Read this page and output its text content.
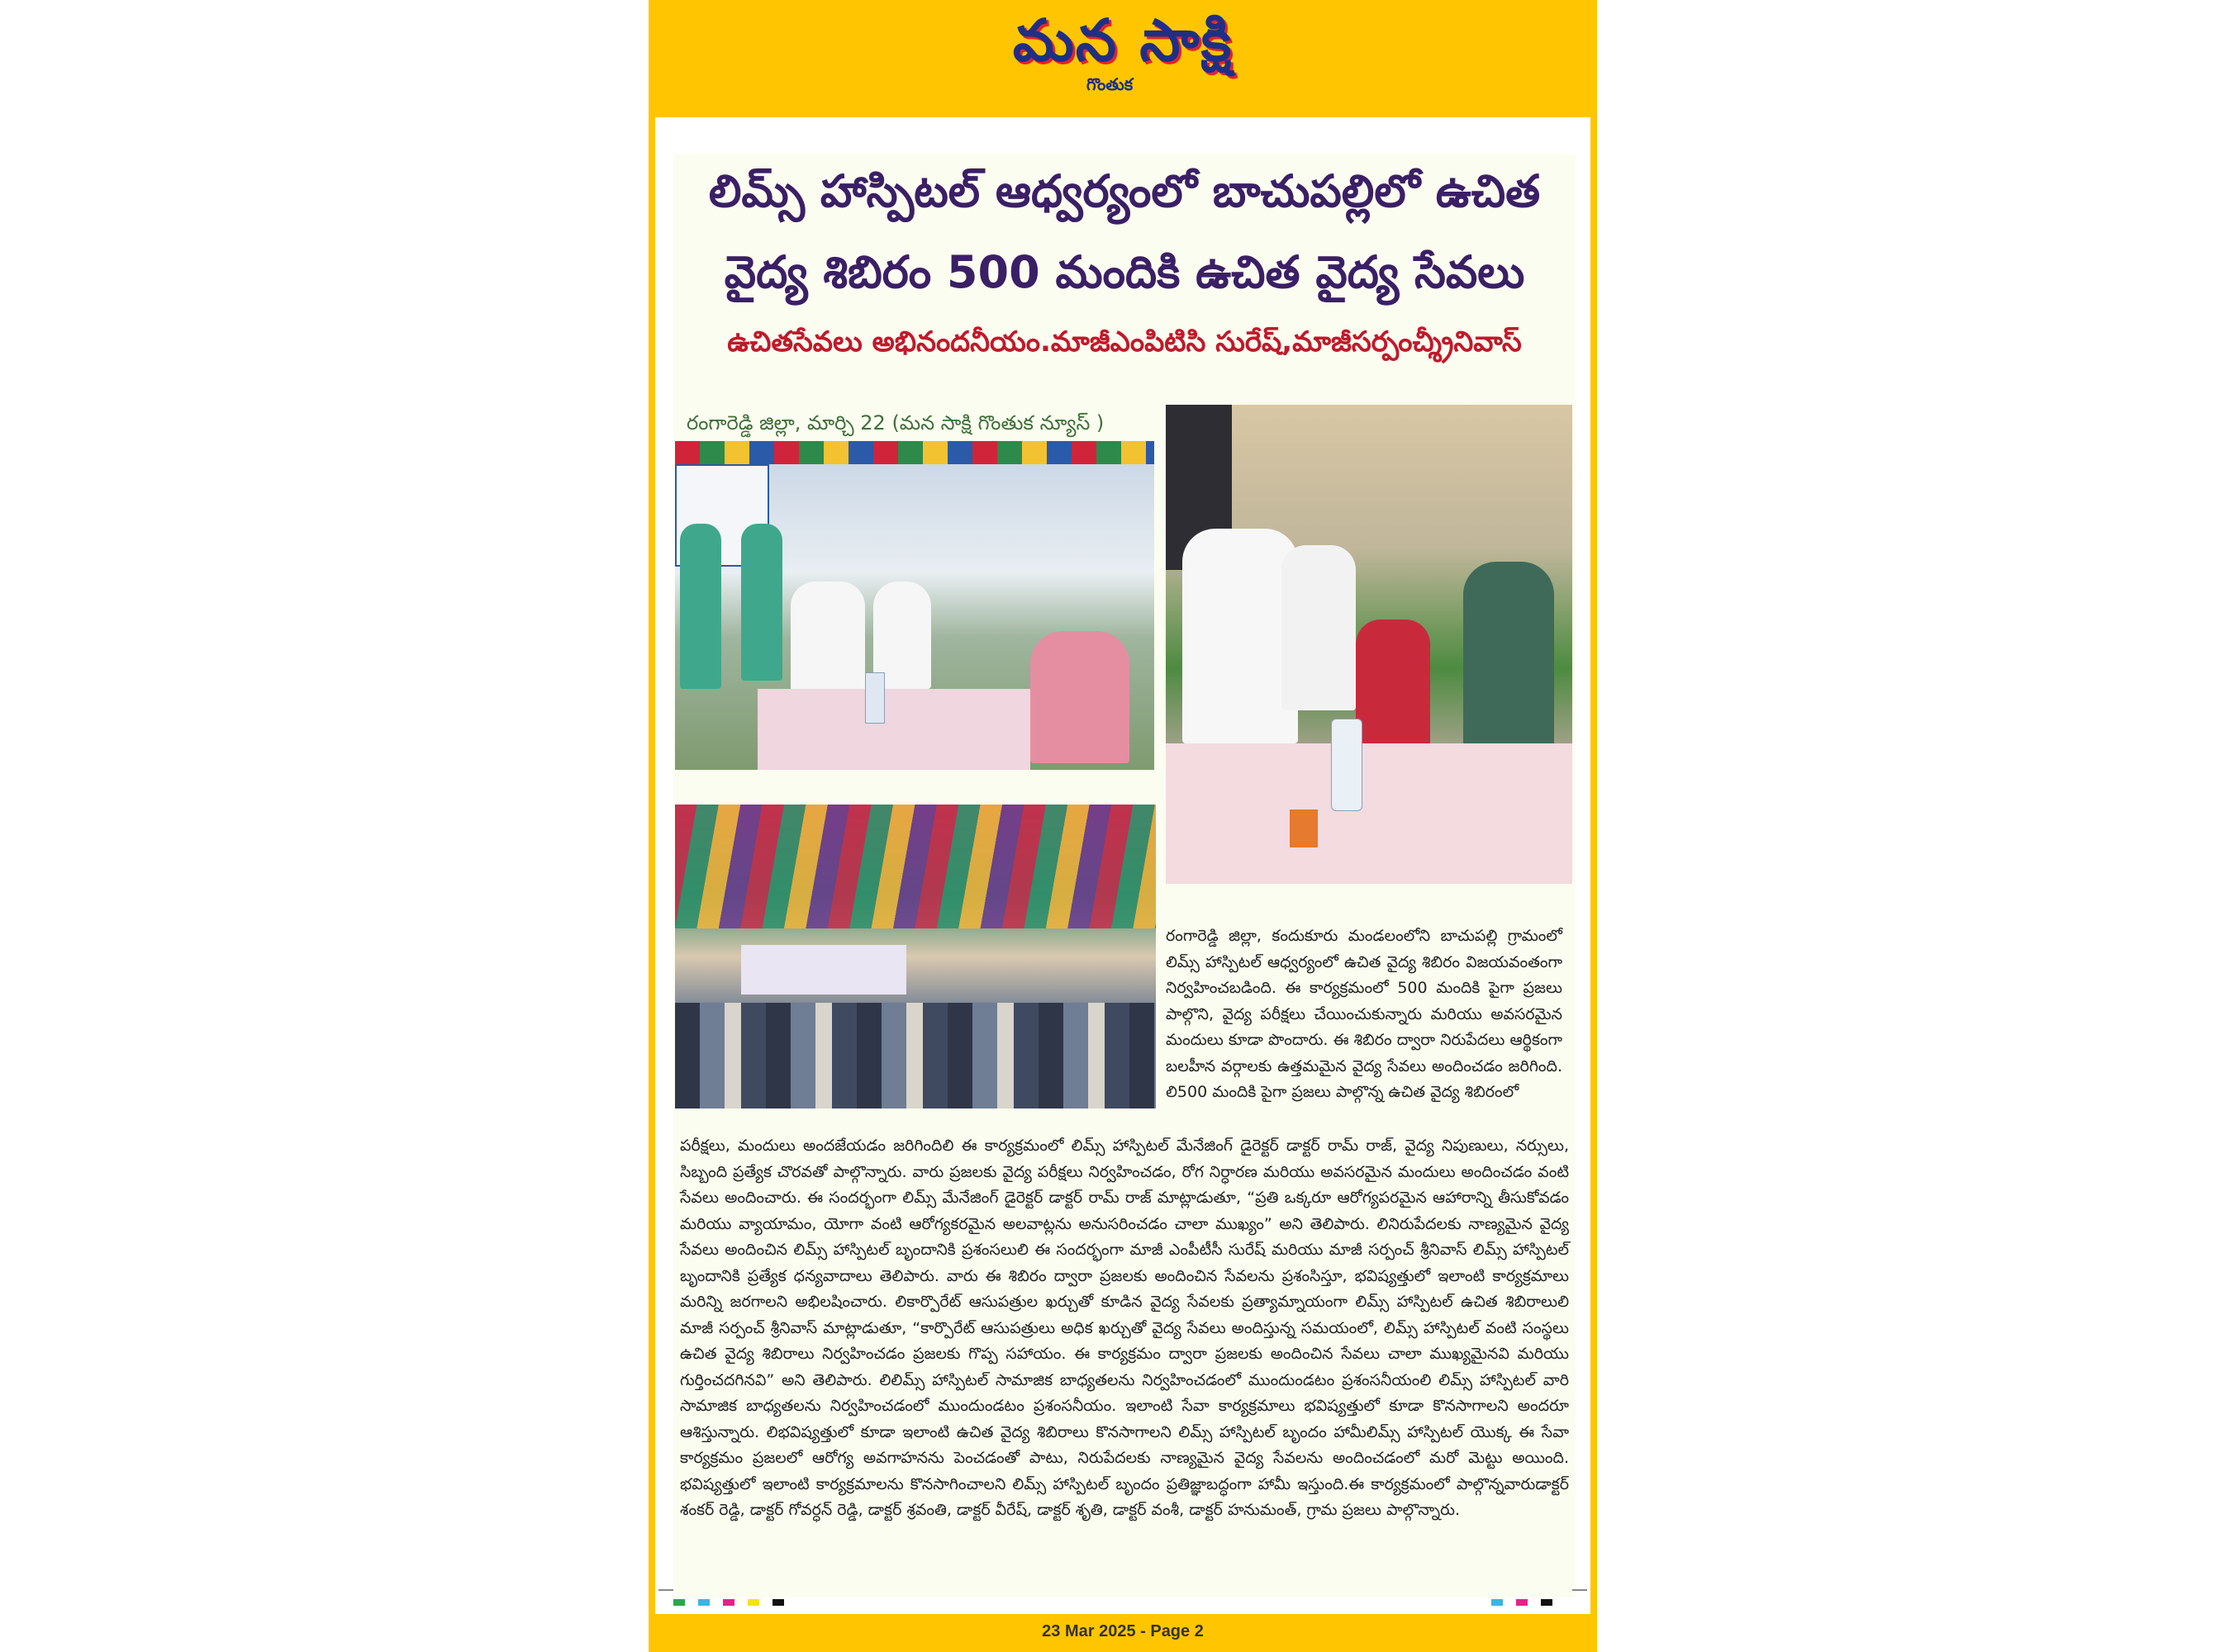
మన సాక్షి
గొంతుక
లిమ్స్ హాస్పిటల్ ఆధ్వర్యంలో బాచుపల్లిలో ఉచిత
వైద్య శిబిరం 500 మందికి ఉచిత వైద్య సేవలు
ఉచితసేవలు అభినందనీయం.మాజీఎంపిటిసి సురేష్,మాజీసర్పంచ్శ్రీనివాస్
రంగారెడ్డి జిల్లా, మార్చి 22 (మన సాక్షి గొంతుక న్యూస్ )

రంగారెడ్డి జిల్లా, కందుకూరు మండలంలోని బాచుపల్లి గ్రామంలో లిమ్స్ హాస్పిటల్ ఆధ్వర్యంలో ఉచిత వైద్య శిబిరం విజయవంతంగా నిర్వహించబడింది. ఈ కార్యక్రమంలో 500 మందికి పైగా ప్రజలు పాల్గొని, వైద్య పరీక్షలు చేయించుకున్నారు మరియు అవసరమైన మందులు కూడా పొందారు. ఈ శిబిరం ద్వారా నిరుపేదలు ఆర్థికంగా బలహీన వర్గాలకు ఉత్తమమైన వైద్య సేవలు అందించడం జరిగింది. లి500 మందికి పైగా ప్రజలు పాల్గొన్న ఉచిత వైద్య శిబిరంలో

పరీక్షలు, మందులు అందజేయడం జరిగిందిలి ఈ కార్యక్రమంలో లిమ్స్ హాస్పిటల్ మేనేజింగ్ డైరెక్టర్ డాక్టర్ రామ్ రాజ్, వైద్య నిపుణులు, నర్సులు, సిబ్బంది ప్రత్యేక చొరవతో పాల్గొన్నారు. వారు ప్రజలకు వైద్య పరీక్షలు నిర్వహించడం, రోగ నిర్ధారణ మరియు అవసరమైన మందులు అందించడం వంటి సేవలు అందించారు. ఈ సందర్భంగా లిమ్స్ మేనేజింగ్ డైరెక్టర్ డాక్టర్ రామ్ రాజ్ మాట్లాడుతూ, “ప్రతి ఒక్కరూ ఆరోగ్యపరమైన ఆహారాన్ని తీసుకోవడం మరియు వ్యాయామం, యోగా వంటి ఆరోగ్యకరమైన అలవాట్లను అనుసరించడం చాలా ముఖ్యం” అని తెలిపారు. లినిరుపేదలకు నాణ్యమైన వైద్య సేవలు అందించిన లిమ్స్ హాస్పిటల్ బృందానికి ప్రశంసలులి ఈ సందర్భంగా మాజీ ఎంపీటీసీ సురేష్ మరియు మాజీ సర్పంచ్ శ్రీనివాస్ లిమ్స్ హాస్పిటల్ బృందానికి ప్రత్యేక ధన్యవాదాలు తెలిపారు. వారు ఈ శిబిరం ద్వారా ప్రజలకు అందించిన సేవలను ప్రశంసిస్తూ, భవిష్యత్తులో ఇలాంటి కార్యక్రమాలు మరిన్ని జరగాలని అభిలషించారు. లికార్పొరేట్ ఆసుపత్రుల ఖర్చుతో కూడిన వైద్య సేవలకు ప్రత్యామ్నాయంగా లిమ్స్ హాస్పిటల్ ఉచిత శిబిరాలులి మాజీ సర్పంచ్ శ్రీనివాస్ మాట్లాడుతూ, “కార్పొరేట్ ఆసుపత్రులు అధిక ఖర్చుతో వైద్య సేవలు అందిస్తున్న సమయంలో, లిమ్స్ హాస్పిటల్ వంటి సంస్థలు ఉచిత వైద్య శిబిరాలు నిర్వహించడం ప్రజలకు గొప్ప సహాయం. ఈ కార్యక్రమం ద్వారా ప్రజలకు అందించిన సేవలు చాలా ముఖ్యమైనవి మరియు గుర్తించదగినవి” అని తెలిపారు. లిలిమ్స్ హాస్పిటల్ సామాజిక బాధ్యతలను నిర్వహించడంలో ముందుండటం ప్రశంసనీయంలి లిమ్స్ హాస్పిటల్ వారి సామాజిక బాధ్యతలను నిర్వహించడంలో ముందుండటం ప్రశంసనీయం. ఇలాంటి సేవా కార్యక్రమాలు భవిష్యత్తులో కూడా కొనసాగాలని అందరూ ఆశిస్తున్నారు. లిభవిష్యత్తులో కూడా ఇలాంటి ఉచిత వైద్య శిబిరాలు కొనసాగాలని లిమ్స్ హాస్పిటల్ బృందం హామీలిమ్స్ హాస్పిటల్ యొక్క ఈ సేవా కార్యక్రమం ప్రజలలో ఆరోగ్య అవగాహనను పెంచడంతో పాటు, నిరుపేదలకు నాణ్యమైన వైద్య సేవలను అందించడంలో మరో మెట్టు అయింది. భవిష్యత్తులో ఇలాంటి కార్యక్రమాలను కొనసాగించాలని లిమ్స్ హాస్పిటల్ బృందం ప్రతిజ్ఞాబద్ధంగా హామీ ఇస్తుంది.ఈ కార్యక్రమంలో పాల్గొన్నవారుడాక్టర్ శంకర్ రెడ్డి, డాక్టర్ గోవర్ధన్ రెడ్డి, డాక్టర్ శ్రవంతి, డాక్టర్ వీరేష్, డాక్టర్ శృతి, డాక్టర్ వంశీ, డాక్టర్ హనుమంత్, గ్రామ ప్రజలు పాల్గొన్నారు.

23 Mar 2025 - Page 2
